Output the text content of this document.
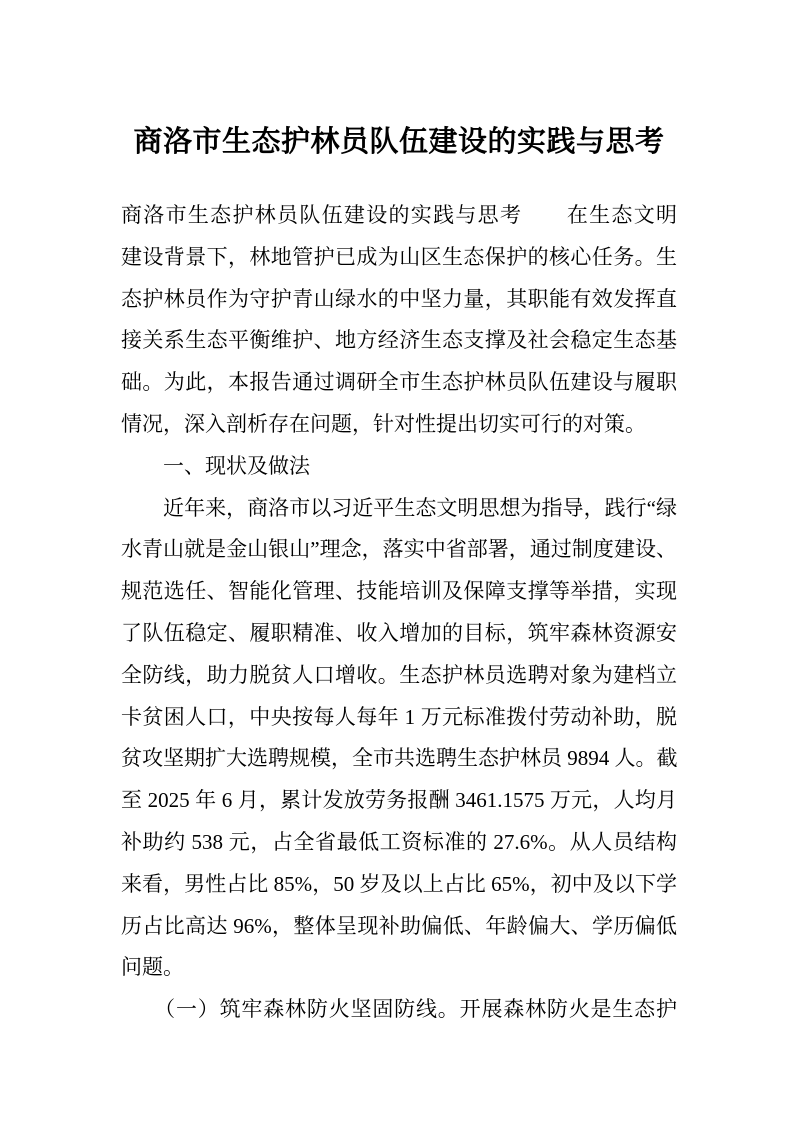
商洛市生态护林员队伍建设的实践与思考
商洛市生态护林员队伍建设的实践与思考　　在生态文明
建设背景下，林地管护已成为山区生态保护的核心任务。生
态护林员作为守护青山绿水的中坚力量，其职能有效发挥直
接关系生态平衡维护、地方经济生态支撑及社会稳定生态基
础。为此，本报告通过调研全市生态护林员队伍建设与履职
情况，深入剖析存在问题，针对性提出切实可行的对策。
　　一、现状及做法
　　近年来，商洛市以习近平生态文明思想为指导，践行“绿
水青山就是金山银山”理念，落实中省部署，通过制度建设、
规范选任、智能化管理、技能培训及保障支撑等举措，实现
了队伍稳定、履职精准、收入增加的目标，筑牢森林资源安
全防线，助力脱贫人口增收。生态护林员选聘对象为建档立
卡贫困人口，中央按每人每年 1 万元标准拨付劳动补助，脱
贫攻坚期扩大选聘规模，全市共选聘生态护林员 9894 人。截
至 2025 年 6 月，累计发放劳务报酬 3461.1575 万元，人均月
补助约 538 元，占全省最低工资标准的 27.6%。从人员结构
来看，男性占比 85%，50 岁及以上占比 65%，初中及以下学
历占比高达 96%，整体呈现补助偏低、年龄偏大、学历偏低
问题。
　　（一）筑牢森林防火坚固防线。开展森林防火是生态护
